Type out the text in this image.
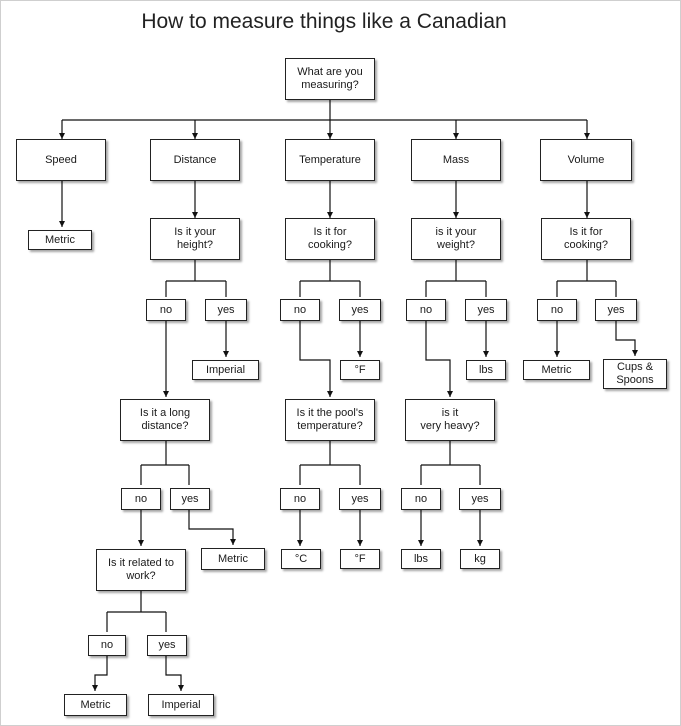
How to measure things like a Canadian
What are you
measuring?
Speed	Distance	Temperature	Mass	Volume
Metric
Is it your
height?
Is it for
cooking?
is it your
weight?
Is it for
cooking?
no	yes	no	yes	no	yes	no	yes
Imperial	°F	lbs	Metric	Cups &
Spoons
Is it a long
distance?
Is it the pool's
temperature?
is it
very heavy?
no	yes	no	yes	no	yes
Metric	°C	°F	lbs	kg
Is it related to
work?
no	yes
Metric	Imperial
